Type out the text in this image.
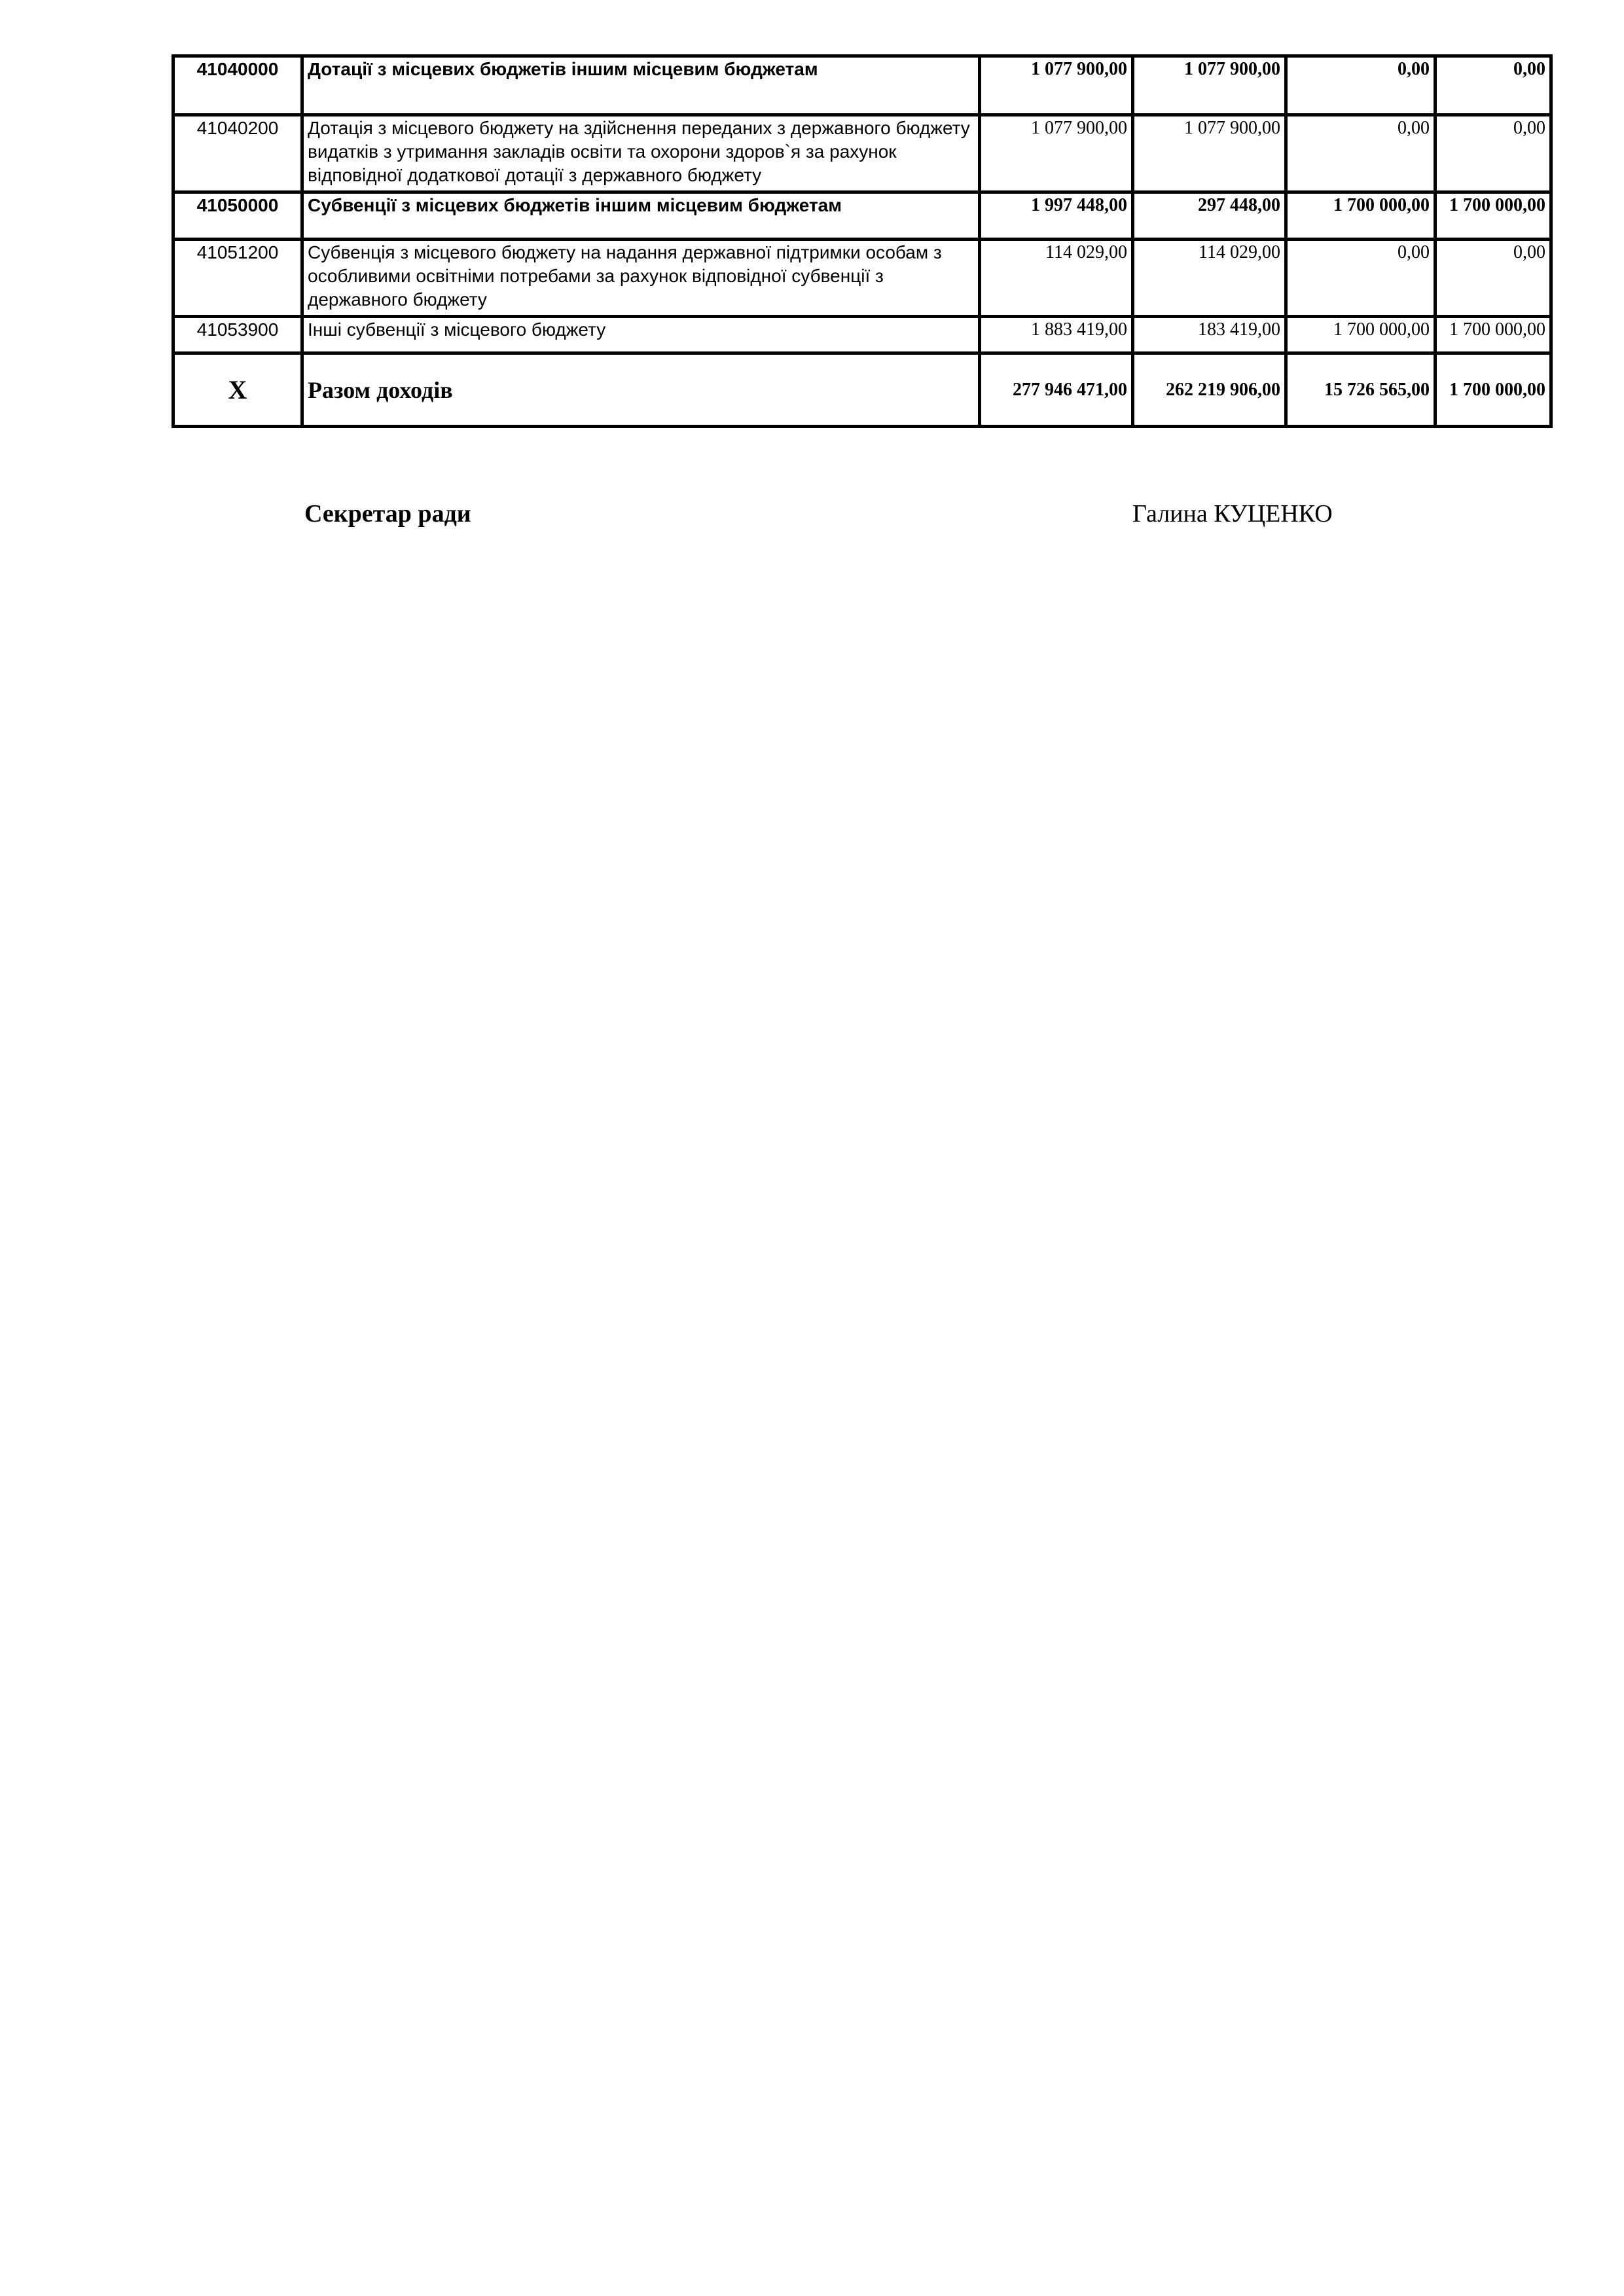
41040000	Дотації з місцевих бюджетів іншим місцевим бюджетам	1 077 900,00	1 077 900,00	0,00	0,00
41040200	Дотація з місцевого бюджету на здійснення переданих з державного бюджету видатків з утримання закладів освіти та охорони здоров`я за рахунок відповідної додаткової дотації з державного бюджету	1 077 900,00	1 077 900,00	0,00	0,00
41050000	Субвенції з місцевих бюджетів іншим місцевим бюджетам	1 997 448,00	297 448,00	1 700 000,00	1 700 000,00
41051200	Субвенція з місцевого бюджету на надання державної підтримки особам з особливими освітніми потребами за рахунок відповідної субвенції з державного бюджету	114 029,00	114 029,00	0,00	0,00
41053900	Інші субвенції з місцевого бюджету	1 883 419,00	183 419,00	1 700 000,00	1 700 000,00
X	Разом доходів	277 946 471,00	262 219 906,00	15 726 565,00	1 700 000,00
Секретар ради	Галина КУЦЕНКО
